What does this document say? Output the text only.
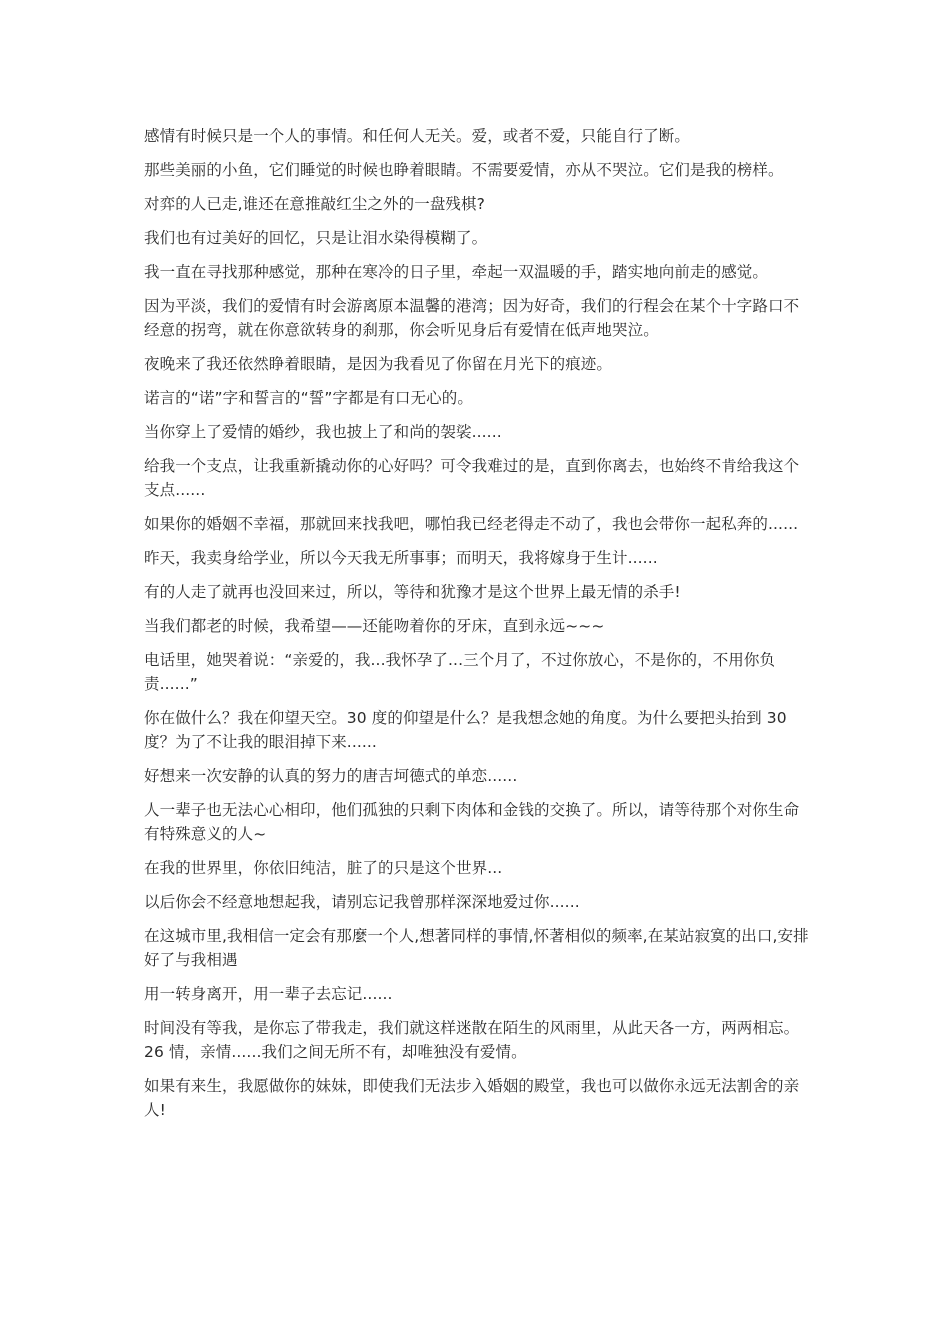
感情有时候只是一个人的事情。和任何人无关。爱，或者不爱，只能自行了断。

那些美丽的小鱼，它们睡觉的时候也睁着眼睛。不需要爱情，亦从不哭泣。它们是我的榜样。

对弈的人已走,谁还在意推敲红尘之外的一盘残棋?

我们也有过美好的回忆，只是让泪水染得模糊了。

我一直在寻找那种感觉，那种在寒冷的日子里，牵起一双温暖的手，踏实地向前走的感觉。

因为平淡，我们的爱情有时会游离原本温馨的港湾；因为好奇，我们的行程会在某个十字路口不经意的拐弯，就在你意欲转身的刹那，你会听见身后有爱情在低声地哭泣。

夜晚来了我还依然睁着眼睛，是因为我看见了你留在月光下的痕迹。

诺言的“诺”字和誓言的“誓”字都是有口无心的。

当你穿上了爱情的婚纱，我也披上了和尚的袈裟......

给我一个支点，让我重新撬动你的心好吗？可令我难过的是，直到你离去，也始终不肯给我这个支点......

如果你的婚姻不幸福，那就回来找我吧，哪怕我已经老得走不动了，我也会带你一起私奔的......

昨天，我卖身给学业，所以今天我无所事事；而明天，我将嫁身于生计......

有的人走了就再也没回来过，所以，等待和犹豫才是这个世界上最无情的杀手!

当我们都老的时候，我希望——还能吻着你的牙床，直到永远~~~

电话里，她哭着说：“亲爱的，我...我怀孕了...三个月了，不过你放心，不是你的，不用你负责......”

你在做什么？我在仰望天空。30 度的仰望是什么？是我想念她的角度。为什么要把头抬到 30 度？为了不让我的眼泪掉下来......

好想来一次安静的认真的努力的唐吉坷德式的单恋......

人一辈子也无法心心相印，他们孤独的只剩下肉体和金钱的交换了。所以，请等待那个对你生命有特殊意义的人~

在我的世界里，你依旧纯洁，脏了的只是这个世界...

以后你会不经意地想起我，请别忘记我曾那样深深地爱过你......

在这城市里,我相信一定会有那麼一个人,想著同样的事情,怀著相似的频率,在某站寂寞的出口,安排好了与我相遇

用一转身离开，用一辈子去忘记......

时间没有等我，是你忘了带我走，我们就这样迷散在陌生的风雨里，从此天各一方，两两相忘。26 情，亲情......我们之间无所不有，却唯独没有爱情。

如果有来生，我愿做你的妹妹，即使我们无法步入婚姻的殿堂，我也可以做你永远无法割舍的亲人!
